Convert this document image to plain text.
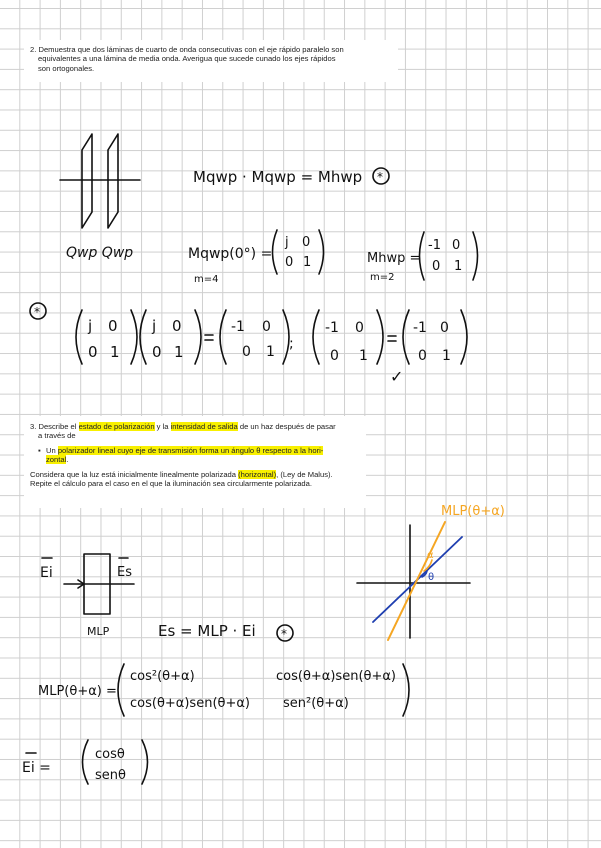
2. Demuestra que dos láminas de cuarto de onda consecutivas con el eje rápido paralelo son

equivalentes a una lámina de media onda. Averigua que sucede cunado los ejes rápidos

son ortogonales.

3. Describe el estado de polarización y la intensidad de salida de un haz después de pasar

a través de

▪ Un polarizador lineal cuyo eje de transmisión forma un ángulo θ respecto a la hori-
zontal.

Considera que la luz está inicialmente linealmente polarizada (horizontal), (Ley de Malus).

Repite el cálculo para el caso en el que la iluminación sea circularmente polarizada.

Qwp Qwp
Mqwp · Mqwp = Mhwp *
Mqwp(0°) =
m=4
j 0
0 1	Mhwp =
m=2
-1 0
0 1
*
j 0
0 1
j 0
0 1
-1 0
0 1 ;
-1 0
0 1
-1 0
0 1
✓
Ei	Es
MLP	Es = MLP · Ei *
α
θ
MLP(θ+α)
MLP(θ+α) =
cos²(θ+α)	cos(θ+α)sen(θ+α)
cos(θ+α)sen(θ+α)	sen²(θ+α)
Ei =
cosθ
senθ
